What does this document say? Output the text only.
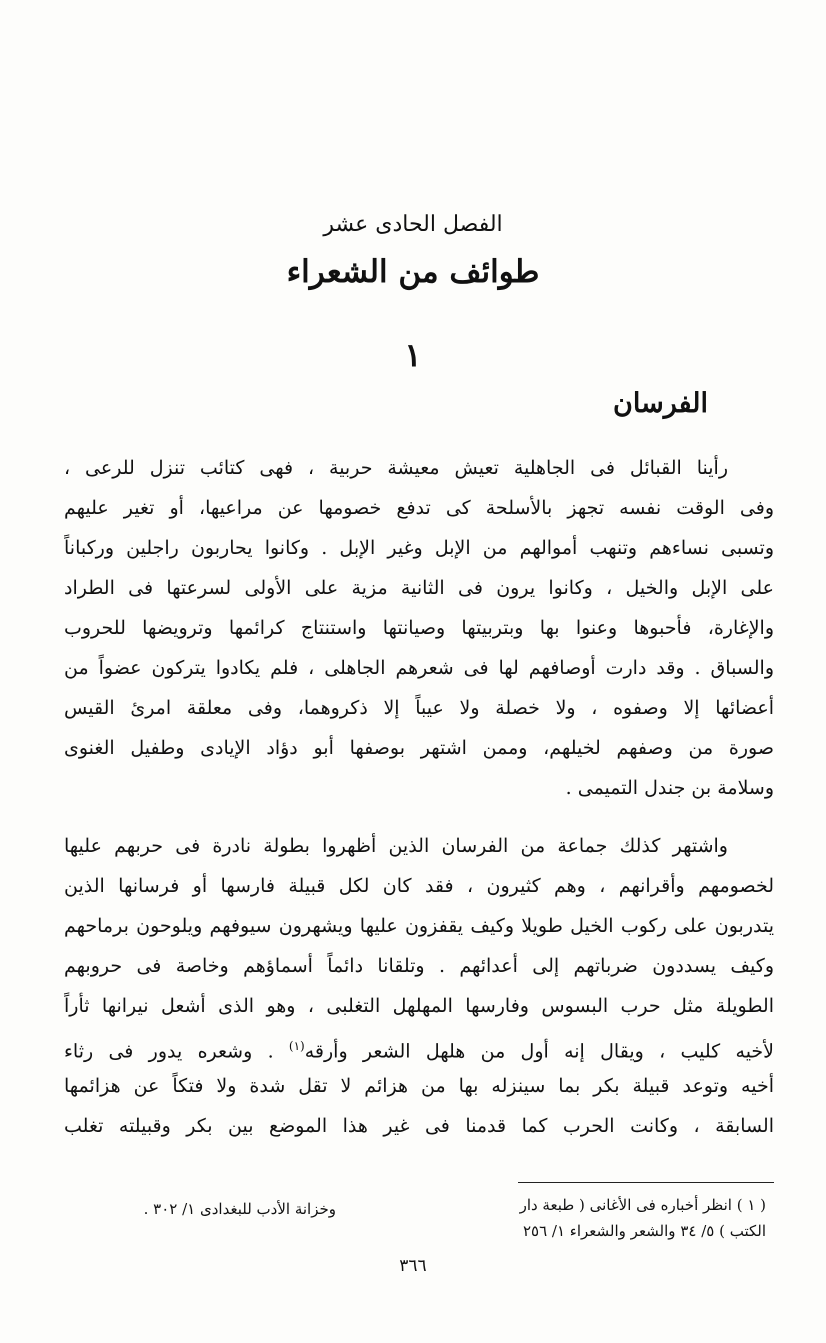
الفصل الحادى عشر
طوائف من الشعراء
١
الفرسان
رأينا القبائل فى الجاهلية تعيش معيشة حربية ، فهى كتائب تنزل للرعى ،
وفى الوقت نفسه تجهز بالأسلحة كى تدفع خصومها عن مراعيها، أو تغير عليهم
وتسبى نساءهم وتنهب أموالهم من الإبل وغير الإبل . وكانوا يحاربون راجلين وركباناً
على الإبل والخيل ، وكانوا يرون فى الثانية مزية على الأولى لسرعتها فى الطراد
والإغارة، فأحبوها وعنوا بها وبتربيتها وصيانتها واستنتاج كرائمها وترويضها للحروب
والسباق . وقد دارت أوصافهم لها فى شعرهم الجاهلى ، فلم يكادوا يتركون عضواً من
أعضائها إلا وصفوه ، ولا خصلة ولا عيباً إلا ذكروهما، وفى معلقة امرئ القيس
صورة من وصفهم لخيلهم، وممن اشتهر بوصفها أبو دؤاد الإيادى وطفيل الغنوى
وسلامة بن جندل التميمى .
واشتهر كذلك جماعة من الفرسان الذين أظهروا بطولة نادرة فى حربهم عليها
لخصومهم وأقرانهم ، وهم كثيرون ، فقد كان لكل قبيلة فارسها أو فرسانها الذين
يتدربون على ركوب الخيل طويلا وكيف يقفزون عليها ويشهرون سيوفهم ويلوحون برماحهم
وكيف يسددون ضرباتهم إلى أعدائهم . وتلقانا دائماً أسماؤهم وخاصة فى حروبهم
الطويلة مثل حرب البسوس وفارسها المهلهل التغلبى ، وهو الذى أشعل نيرانها ثأراً
لأخيه كليب ، ويقال إنه أول من هلهل الشعر وأرقه$^{(١)}$ . وشعره يدور فى رثاء
أخيه وتوعد قبيلة بكر بما سينزله بها من هزائم لا تقل شدة ولا فتكاً عن هزائمها
السابقة ، وكانت الحرب كما قدمنا فى غير هذا الموضع بين بكر وقبيلته تغلب
( ١ ) انظر أخباره فى الأغانى ( طبعة دار
الكتب ) ٥/ ٣٤ والشعر والشعراء ١/ ٢٥٦
وخزانة الأدب للبغدادى ١/ ٣٠٢ .
٣٦٦
